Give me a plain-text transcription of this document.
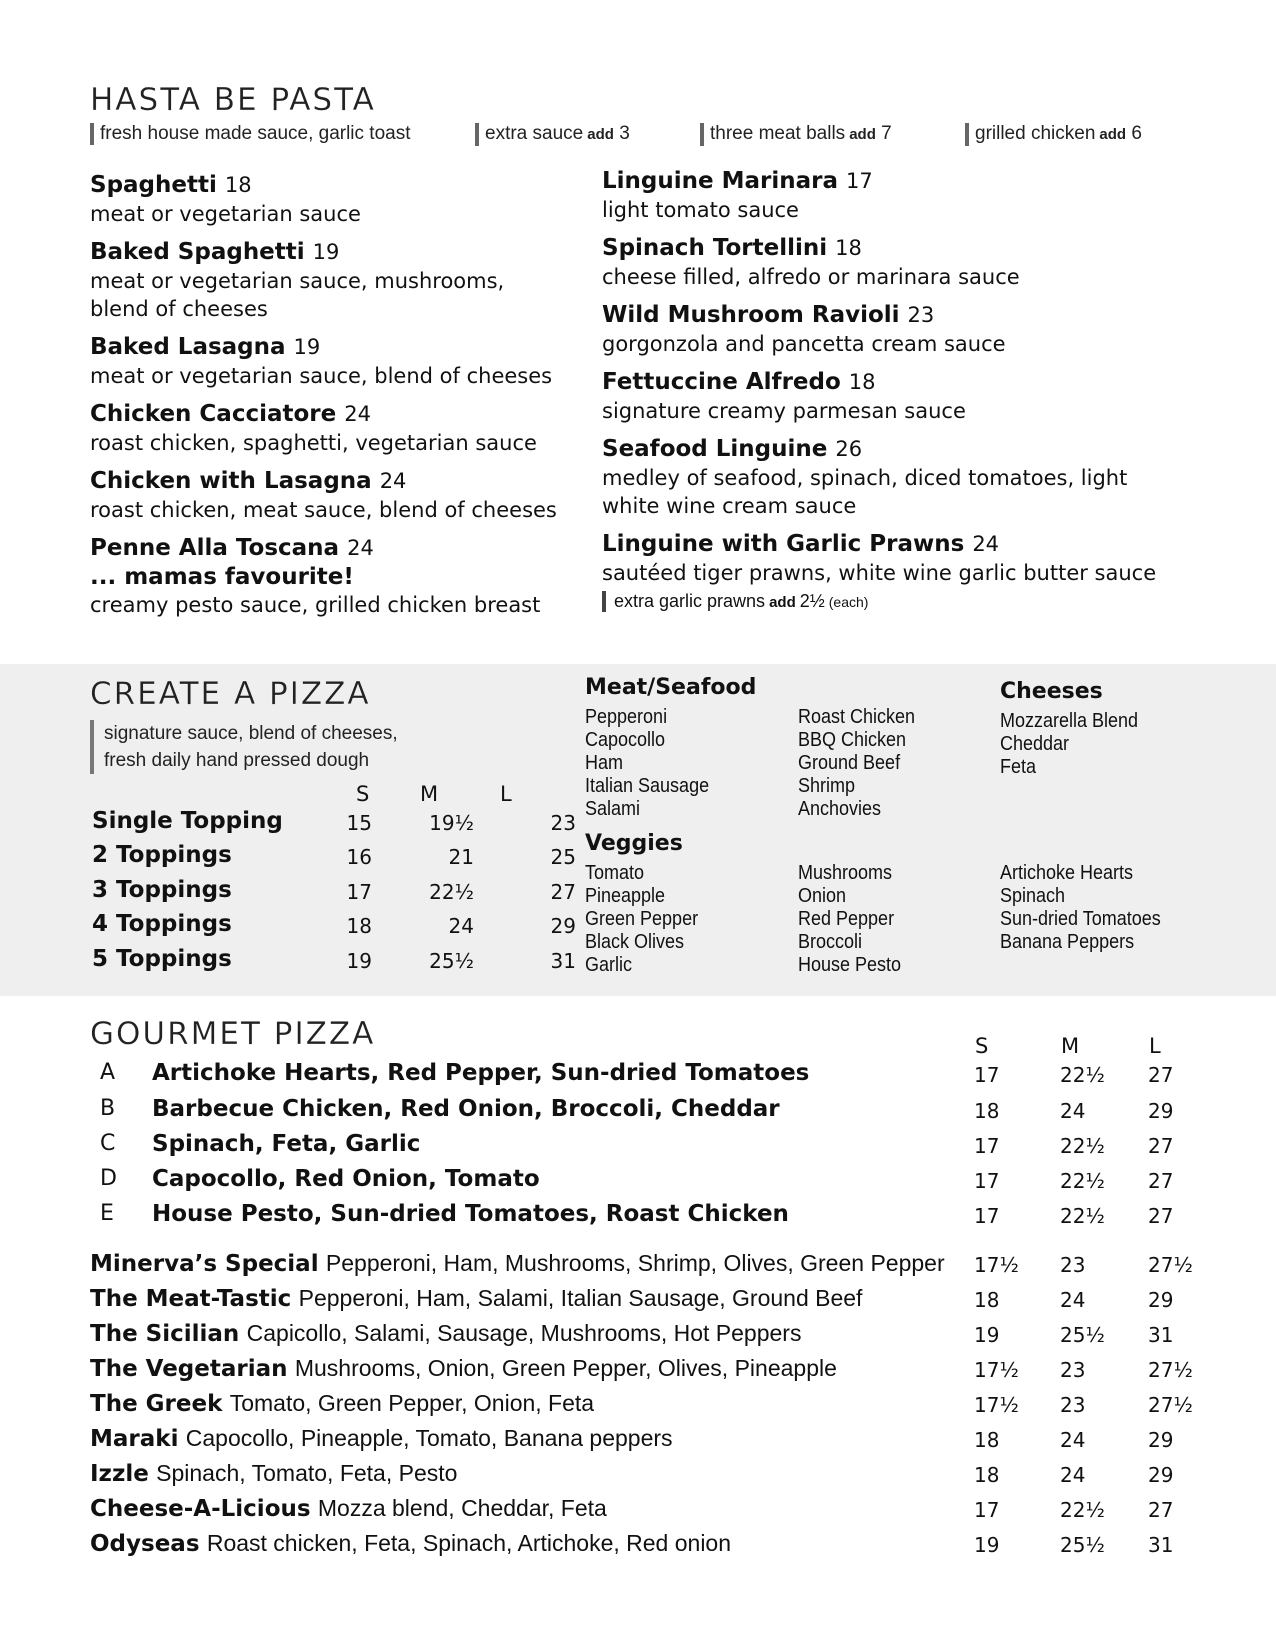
HASTA BE PASTA
fresh house made sauce, garlic toast	extra sauce add 3	three meat balls add 7	grilled chicken add 6
Spaghetti 18
meat or vegetarian sauce
Baked Spaghetti 19
meat or vegetarian sauce, mushrooms, blend of cheeses
Baked Lasagna 19
meat or vegetarian sauce, blend of cheeses
Chicken Cacciatore 24
roast chicken, spaghetti, vegetarian sauce
Chicken with Lasagna 24
roast chicken, meat sauce, blend of cheeses
Penne Alla Toscana 24
... mamas favourite!
creamy pesto sauce, grilled chicken breast
Linguine Marinara 17
light tomato sauce
Spinach Tortellini 18
cheese filled, alfredo or marinara sauce
Wild Mushroom Ravioli 23
gorgonzola and pancetta cream sauce
Fettuccine Alfredo 18
signature creamy parmesan sauce
Seafood Linguine 26
medley of seafood, spinach, diced tomatoes, light white wine cream sauce
Linguine with Garlic Prawns 24
sautéed tiger prawns, white wine garlic butter sauce
extra garlic prawns add 2½ (each)
CREATE A PIZZA
signature sauce, blend of cheeses,
fresh daily hand pressed dough
S M	L
Single Topping	15	19½	23
2 Toppings	16	21	25
3 Toppings	17	22½	27
4 Toppings	18	24	29
5 Toppings	19	25½	31
Meat/Seafood
Pepperoni
Capocollo
Ham
Italian Sausage
Salami
Roast Chicken
BBQ Chicken
Ground Beef
Shrimp
Anchovies
Cheeses
Mozzarella Blend
Cheddar
Feta
Veggies
Tomato
Pineapple
Green Pepper
Black Olives
Garlic
Mushrooms
Onion
Red Pepper
Broccoli
House Pesto
Artichoke Hearts
Spinach
Sun-dried Tomatoes
Banana Peppers
GOURMET PIZZA	S	M	L
A Artichoke Hearts, Red Pepper, Sun-dried Tomatoes	17	22½	27
B Barbecue Chicken, Red Onion, Broccoli, Cheddar	18	24	29
C Spinach, Feta, Garlic	17	22½	27
D Capocollo, Red Onion, Tomato	17	22½	27
E House Pesto, Sun-dried Tomatoes, Roast Chicken	17	22½	27
Minerva’s Special Pepperoni, Ham, Mushrooms, Shrimp, Olives, Green Pepper 17½	23	27½
The Meat-Tastic Pepperoni, Ham, Salami, Italian Sausage, Ground Beef	18	24	29
The Sicilian Capicollo, Salami, Sausage, Mushrooms, Hot Peppers	19	25½	31
The Vegetarian Mushrooms, Onion, Green Pepper, Olives, Pineapple	17½	23	27½
The Greek Tomato, Green Pepper, Onion, Feta	17½	23	27½
Maraki Capocollo, Pineapple, Tomato, Banana peppers	18	24	29
Izzle Spinach, Tomato, Feta, Pesto	18	24	29
Cheese-A-Licious Mozza blend, Cheddar, Feta	17	22½	27
Odyseas Roast chicken, Feta, Spinach, Artichoke, Red onion	19	25½	31
